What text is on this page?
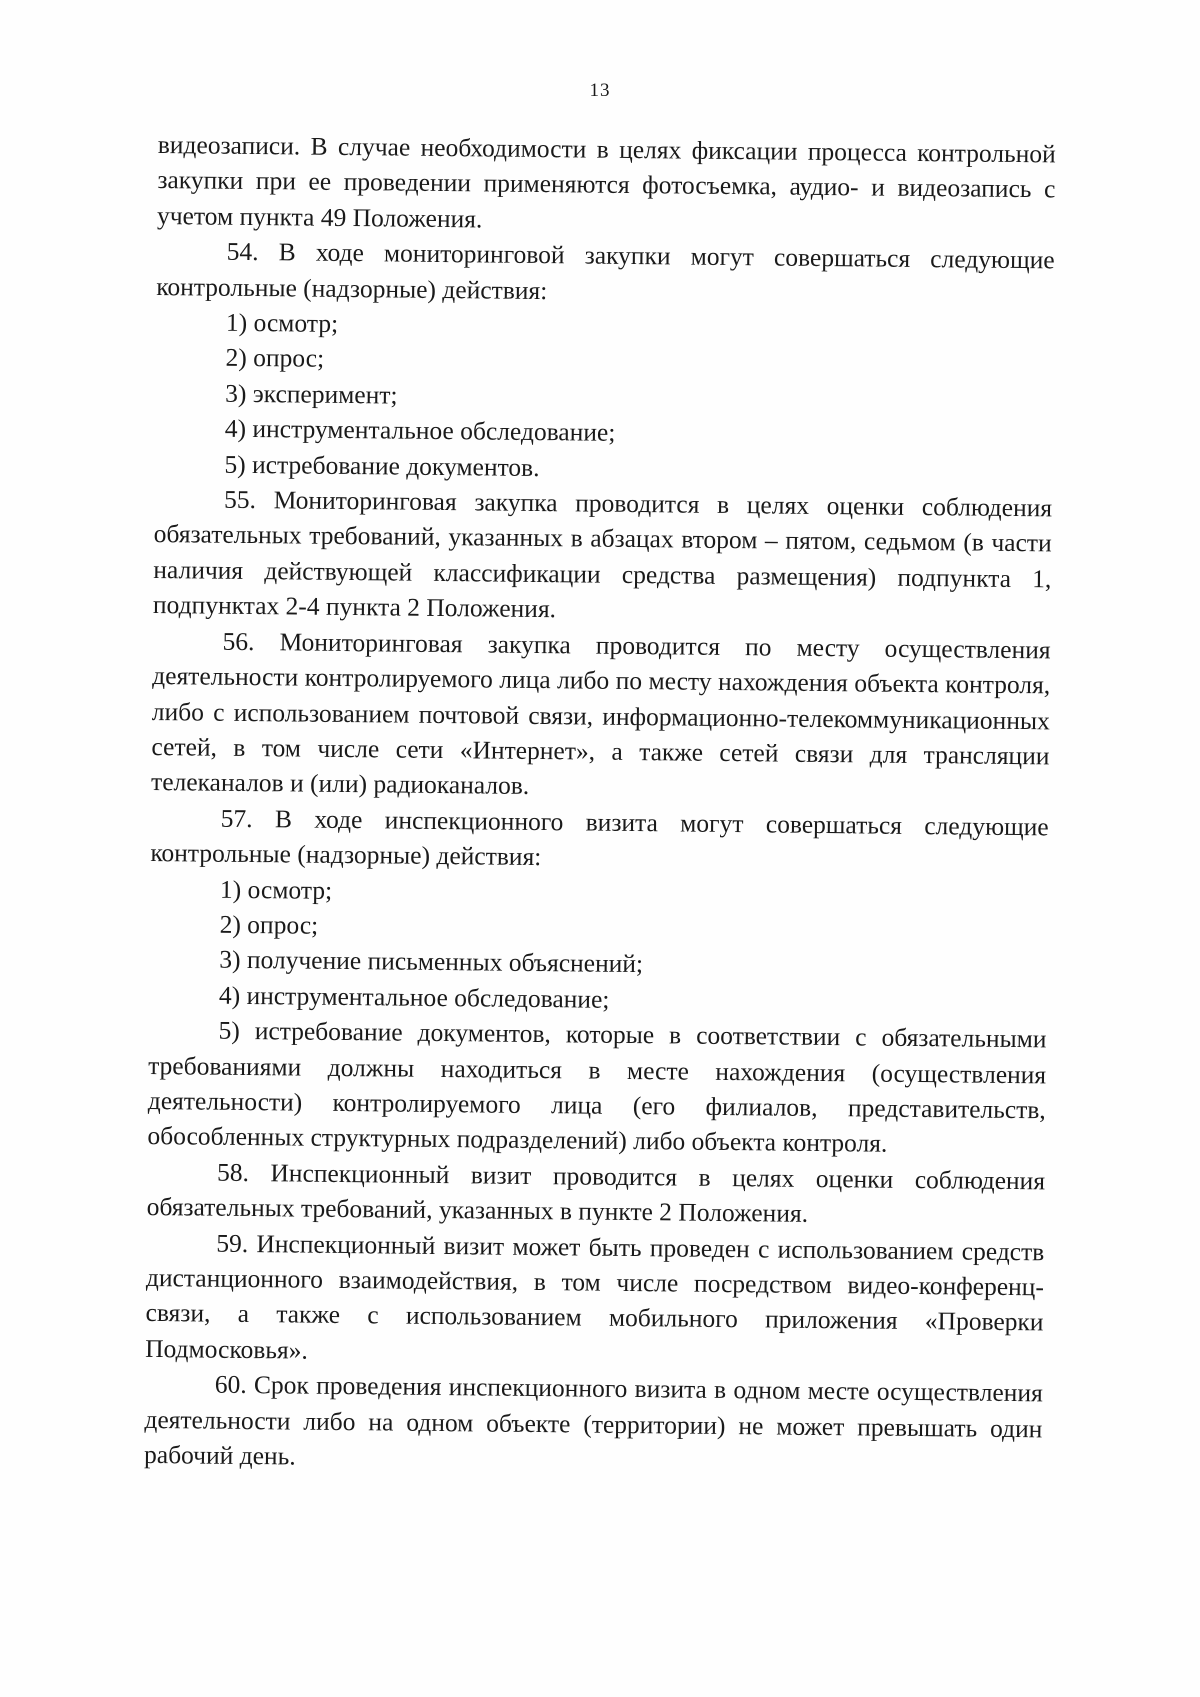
13

видеозаписи. В случае необходимости в целях фиксации процесса контрольной закупки при ее проведении применяются фотосъемка, аудио- и видеозапись с учетом пункта 49 Положения.

54. В ходе мониторинговой закупки могут совершаться следующие контрольные (надзорные) действия:

1) осмотр;

2) опрос;

3) эксперимент;

4) инструментальное обследование;

5) истребование документов.

55. Мониторинговая закупка проводится в целях оценки соблюдения обязательных требований, указанных в абзацах втором – пятом, седьмом (в части наличия действующей классификации средства размещения) подпункта 1, подпунктах 2-4 пункта 2 Положения.

56. Мониторинговая закупка проводится по месту осуществления деятельности контролируемого лица либо по месту нахождения объекта контроля, либо с использованием почтовой связи, информационно-телекоммуникационных сетей, в том числе сети «Интернет», а также сетей связи для трансляции телеканалов и (или) радиоканалов.

57. В ходе инспекционного визита могут совершаться следующие контрольные (надзорные) действия:

1) осмотр;

2) опрос;

3) получение письменных объяснений;

4) инструментальное обследование;

5) истребование документов, которые в соответствии с обязательными требованиями должны находиться в месте нахождения (осуществления деятельности) контролируемого лица (его филиалов, представительств, обособленных структурных подразделений) либо объекта контроля.

58. Инспекционный визит проводится в целях оценки соблюдения обязательных требований, указанных в пункте 2 Положения.

59. Инспекционный визит может быть проведен с использованием средств дистанционного взаимодействия, в том числе посредством видео-конференц-связи, а также с использованием мобильного приложения «Проверки Подмосковья».

60. Срок проведения инспекционного визита в одном месте осуществления деятельности либо на одном объекте (территории) не может превышать один рабочий день.
